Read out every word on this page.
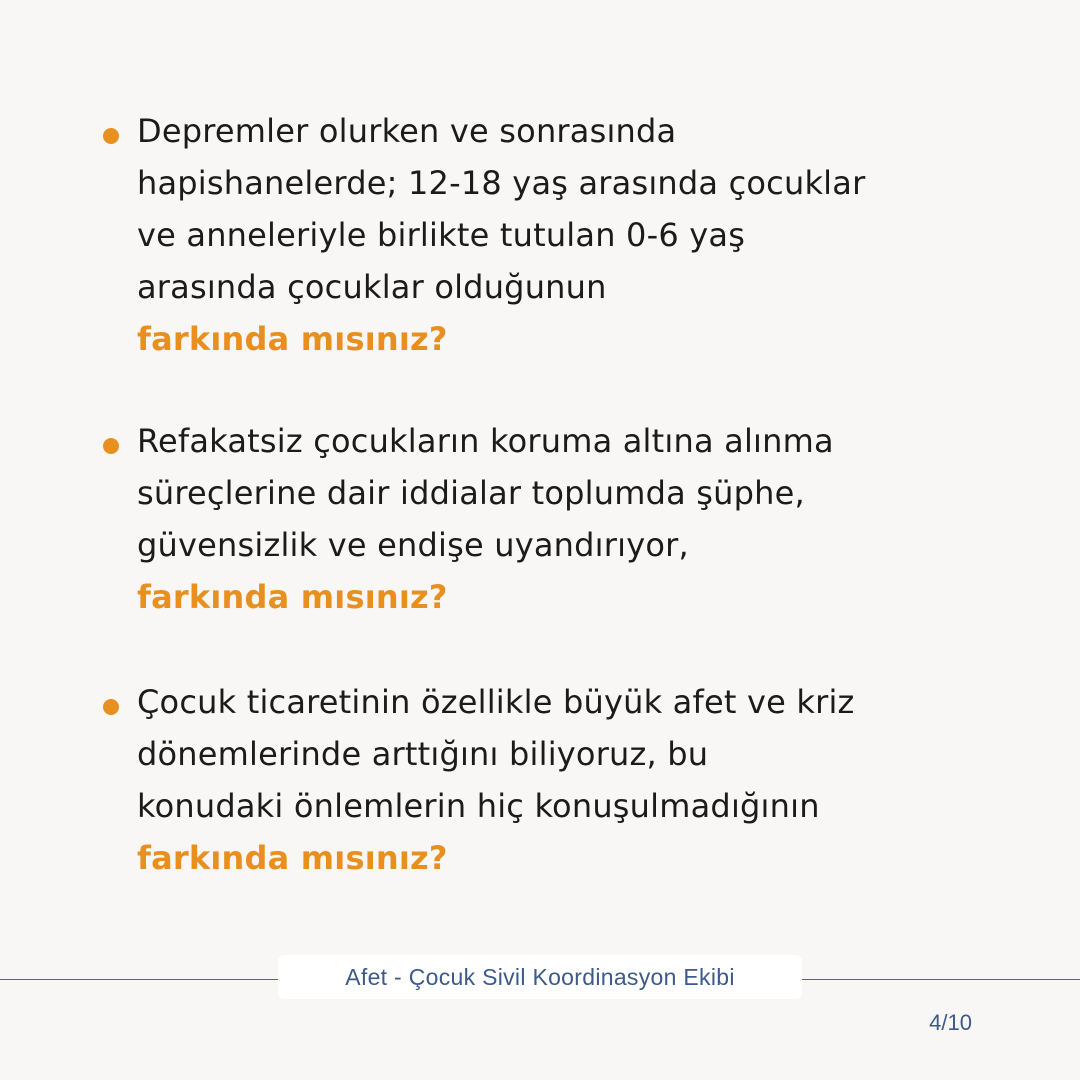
Depremler olurken ve sonrasında
hapishanelerde; 12-18 yaş arasında çocuklar
ve anneleriyle birlikte tutulan 0-6 yaş
arasında çocuklar olduğunun
farkında mısınız?
Refakatsiz çocukların koruma altına alınma
süreçlerine dair iddialar toplumda şüphe,
güvensizlik ve endişe uyandırıyor,
farkında mısınız?
Çocuk ticaretinin özellikle büyük afet ve kriz
dönemlerinde arttığını biliyoruz, bu
konudaki önlemlerin hiç konuşulmadığının
farkında mısınız?
Afet - Çocuk Sivil Koordinasyon Ekibi
4/10
